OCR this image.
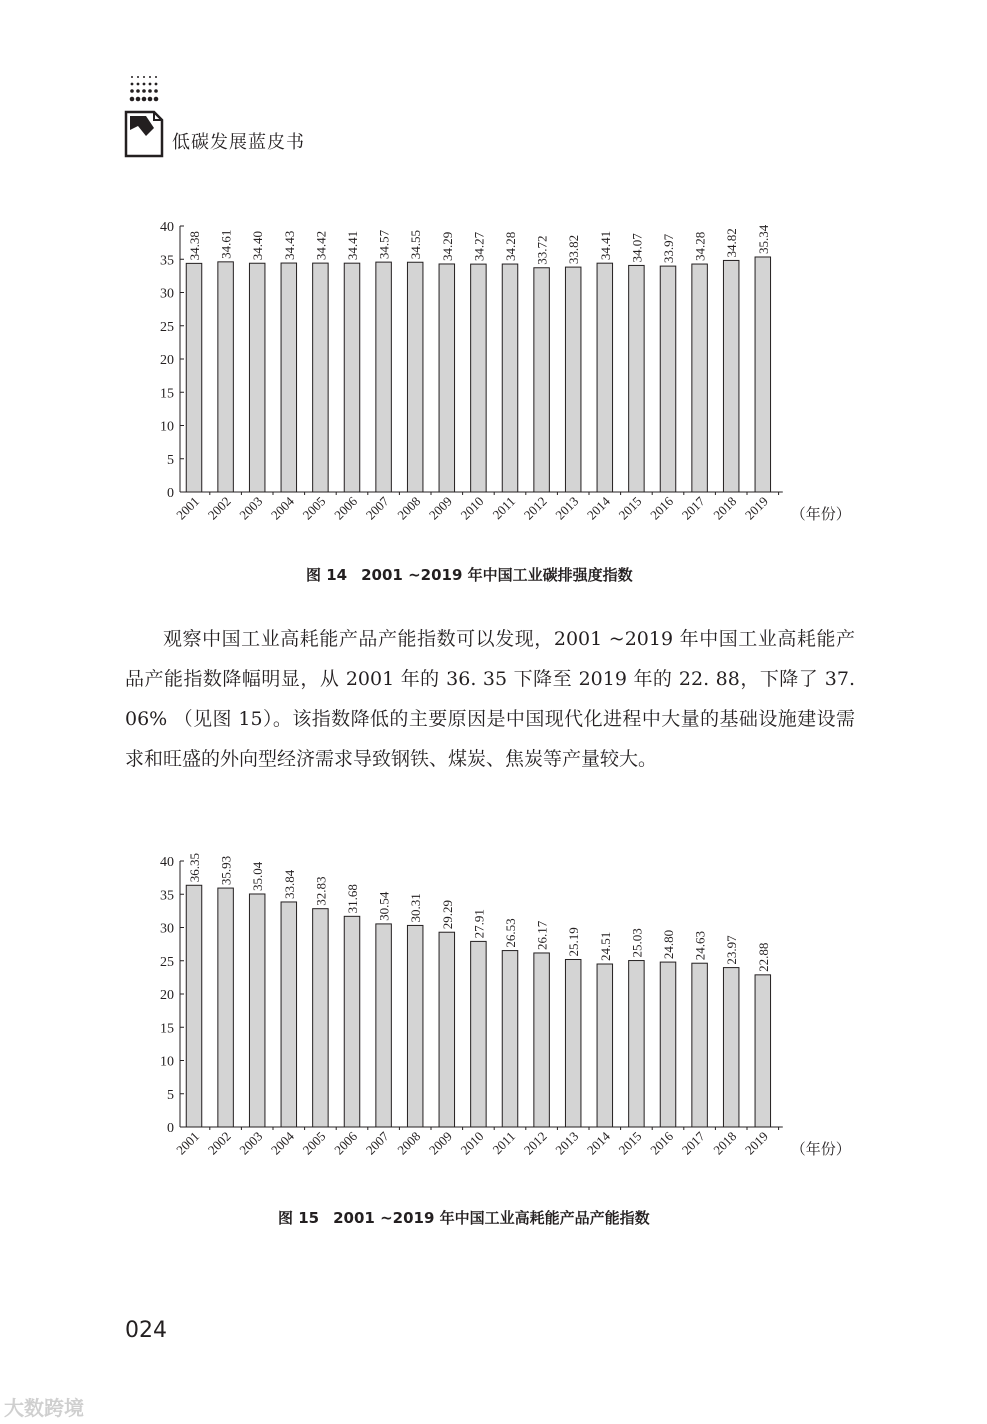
低碳发展蓝皮书
0
5
10
15
20
25
30
35
40
34.38
2001
34.61
2002
34.40
2003
34.43
2004
34.42
2005
34.41
2006
34.57
2007
34.55
2008
34.29
2009
34.27
2010
34.28
2011
33.72
2012
33.82
2013
34.41
2014
34.07
2015
33.97
2016
34.28
2017
34.82
2018
35.34
2019 （年份）
图 14 2001 ~2019 年中国工业碳排强度指数
观察中国工业高耗能产品产能指数可以发现，2001 ~2019 年中国工业高耗能产品产能指数降幅明显，从 2001 年的 36. 35 下降至 2019 年的 22. 88，下降了 37. 06% （见图 15）。该指数降低的主要原因是中国现代化进程中大量的基础设施建设需求和旺盛的外向型经济需求导致钢铁、煤炭、焦炭等产量较大。
0
5
10
15
20
25
30
35
40 36.35
2001
35.93
2002
35.04
2003
33.84
2004
32.83
2005
31.68
2006
30.54
2007
30.31
2008
29.29
2009
27.91
2010
26.53
2011
26.17
2012
25.19
2013
24.51
2014
25.03
2015
24.80
2016
24.63
2017
23.97
2018
22.88
2019 （年份）
图 15 2001 ~2019 年中国工业高耗能产品产能指数
024
大数跨境
